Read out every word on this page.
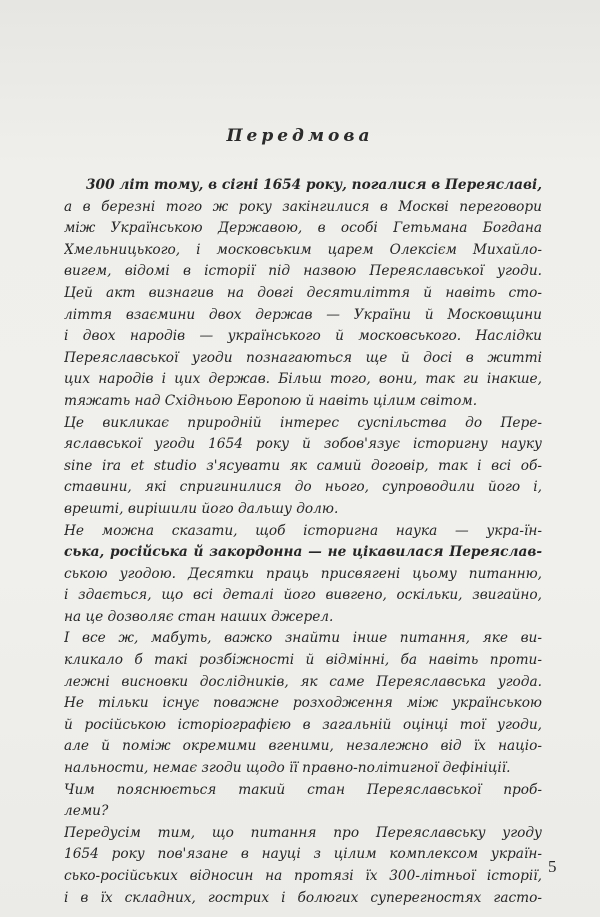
Передмова
300 літ тому, в сігні 1654 року, погалися в Переяславі,
а в березні того ж року закінгилися в Москві переговори
між Українською Державою, в особі Гетьмана Богдана
Хмельницького, і московським царем Олексієм Михайло-
вигем, відомі в історії під назвою Переяславської угоди.
Цей акт визнагив на довгі десятиліття й навіть сто-
ліття взаємини двох держав — України й Московщини
і двох народів — українського й московського. Наслідки
Переяславської угоди познагаються ще й досі в житті
цих народів і цих держав. Більш того, вони, так ги інакше,
тяжать над Східньою Европою й навіть цілим світом.
Це викликає природній інтерес суспільства до Пере-
яславської угоди 1654 року й зобов'язує історигну науку
sine ira et studio з'ясувати як самий договір, так і всі об-
ставини, які спригинилися до нього, супроводили його і,
врешті, вирішили його дальшу долю.
Не можна сказати, щоб історигна наука — укра-їн-
ська, російська й закордонна — не цікавилася Переяслав-
ською угодою. Десятки праць присвягені цьому питанню,
і здається, що всі деталі його вивгено, оскільки, звигайно,
на це дозволяє стан наших джерел.
І все ж, мабуть, важко знайти інше питання, яке ви-
кликало б такі розбіжності й відмінні, ба навіть проти-
лежні висновки дослідників, як саме Переяславська угода.
Не тільки існує поважне розходження між українською
й російською історіографією в загальній оцінці тої угоди,
але й поміж окремими вгеними, незалежно від їх націо-
нальности, немає згоди щодо її правно-політигної дефініції.
Чим пояснюється такий стан Переяславської проб-
леми?
Передусім тим, що питання про Переяславську угоду
1654 року пов'язане в науці з цілим комплексом україн-
сько-російських відносин на протязі їх 300-літньої історії,
і в їх складних, гострих і болюгих суперегностях гасто-
5
